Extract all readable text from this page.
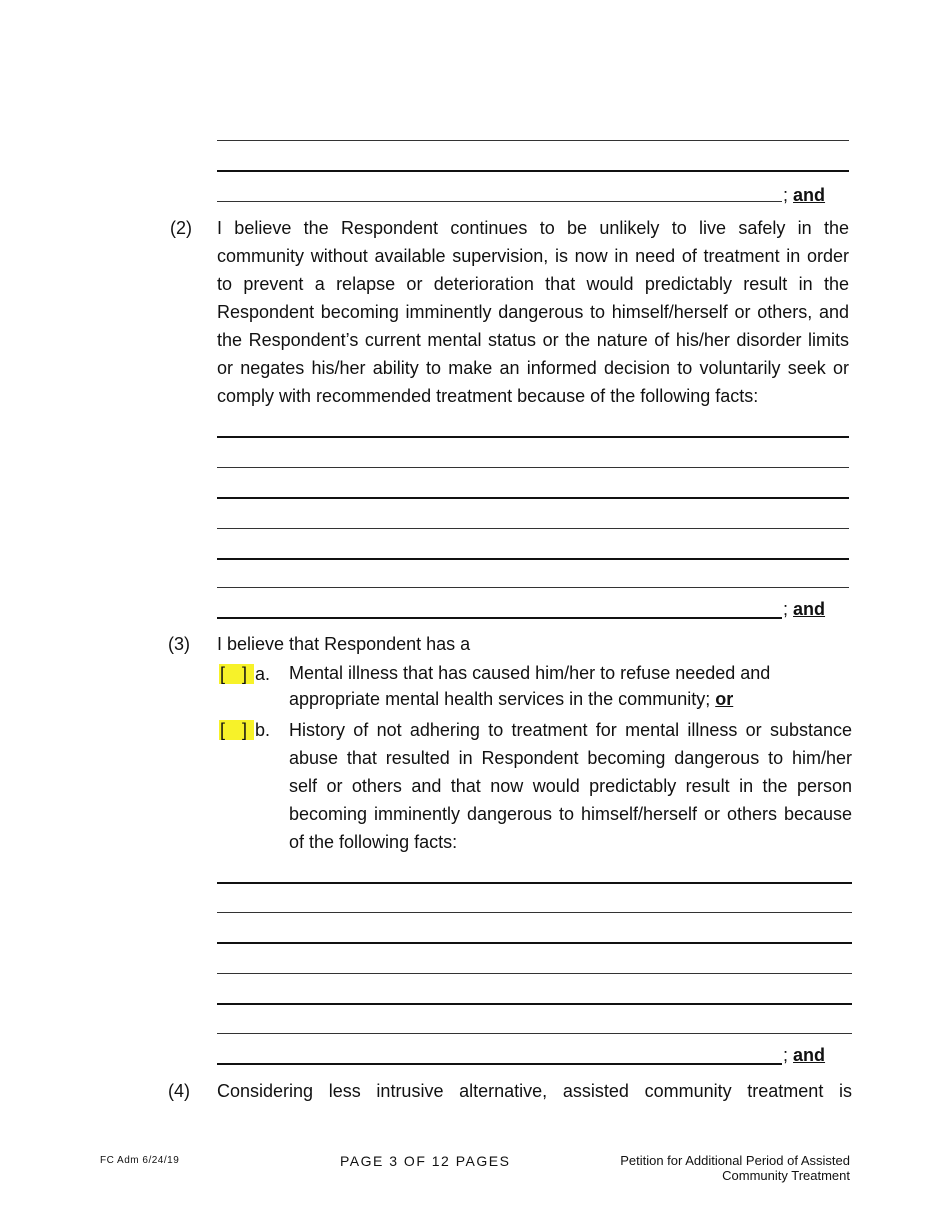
; and
(2) I believe the Respondent continues to be unlikely to live safely in the community without available supervision, is now in need of treatment in order to prevent a relapse or deterioration that would predictably result in the Respondent becoming imminently dangerous to himself/herself or others, and the Respondent’s current mental status or the nature of his/her disorder limits or negates his/her ability to make an informed decision to voluntarily seek or comply with recommended treatment because of the following facts:
; and
(3) I believe that Respondent has a
[ ] a. Mental illness that has caused him/her to refuse needed and appropriate mental health services in the community; or
[ ] b. History of not adhering to treatment for mental illness or substance abuse that resulted in Respondent becoming dangerous to him/her self or others and that now would predictably result in the person becoming imminently dangerous to himself/herself or others because of the following facts:
; and
(4) Considering less intrusive alternative, assisted community treatment is
FC Adm 6/24/19	PAGE 3 OF 12 PAGES	Petition for Additional Period of Assisted
Community Treatment
